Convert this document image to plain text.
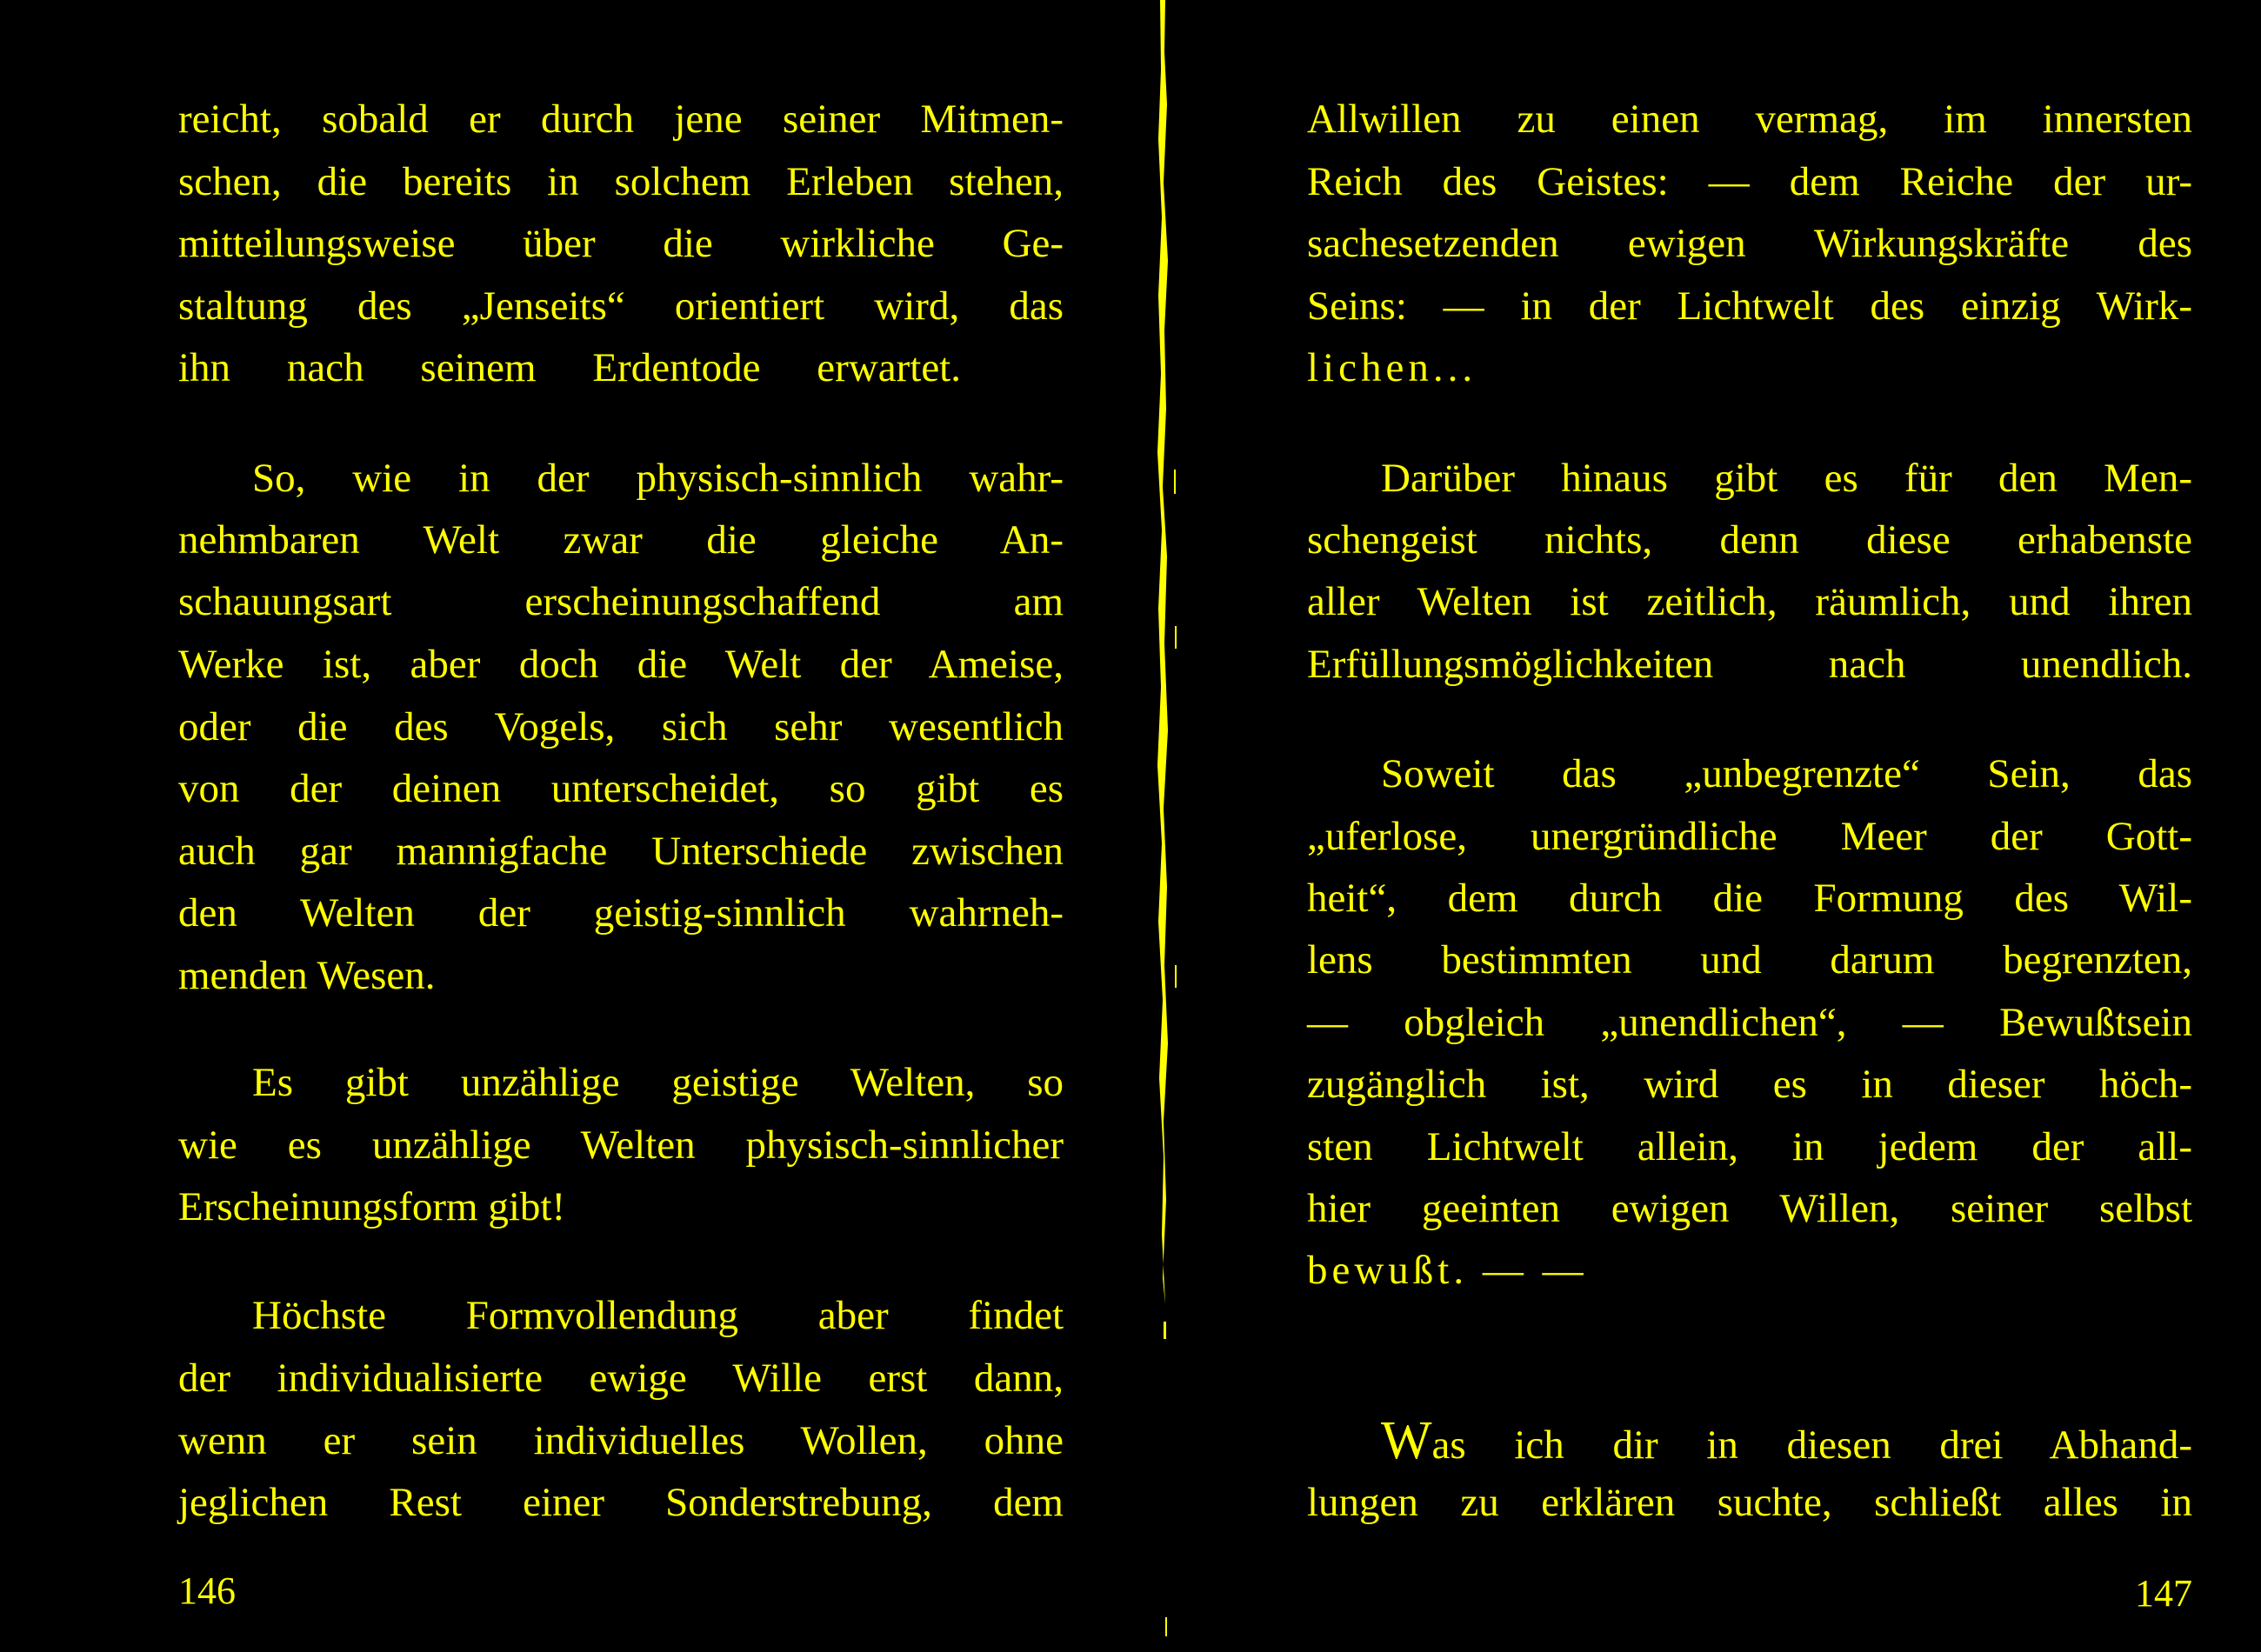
reicht, sobald er durch jene seiner Mitmen-
schen, die bereits in solchem Erleben stehen,
mitteilungsweise über die wirkliche Ge-
staltung des „Jenseits“ orientiert wird, das
ihn nach seinem Erdentode erwartet.
So, wie in der physisch-sinnlich wahr-
nehmbaren Welt zwar die gleiche An-
schauungsart erscheinungschaffend am
Werke ist, aber doch die Welt der Ameise,
oder die des Vogels, sich sehr wesentlich
von der deinen unterscheidet, so gibt es
auch gar mannigfache Unterschiede zwischen
den Welten der geistig-sinnlich wahrneh-
menden Wesen.
Es gibt unzählige geistige Welten, so
wie es unzählige Welten physisch-sinnlicher
Erscheinungsform gibt!
Höchste Formvollendung aber findet
der individualisierte ewige Wille erst dann,
wenn er sein individuelles Wollen, ohne
jeglichen Rest einer Sonderstrebung, dem
146
Allwillen zu einen vermag, im innersten
Reich des Geistes: — dem Reiche der ur-
sachesetzenden ewigen Wirkungskräfte des
Seins: — in der Lichtwelt des einzig Wirk-
lichen...
Darüber hinaus gibt es für den Men-
schengeist nichts, denn diese erhabenste
aller Welten ist zeitlich, räumlich, und ihren
Erfüllungsmöglichkeiten nach unendlich.
Soweit das „unbegrenzte“ Sein, das
„uferlose, unergründliche Meer der Gott-
heit“, dem durch die Formung des Wil-
lens bestimmten und darum begrenzten,
— obgleich „unendlichen“, — Bewußtsein
zugänglich ist, wird es in dieser höch-
sten Lichtwelt allein, in jedem der all-
hier geeinten ewigen Willen, seiner selbst
bewußt. — —
Was ich dir in diesen drei Abhand-
lungen zu erklären suchte, schließt alles in
147
